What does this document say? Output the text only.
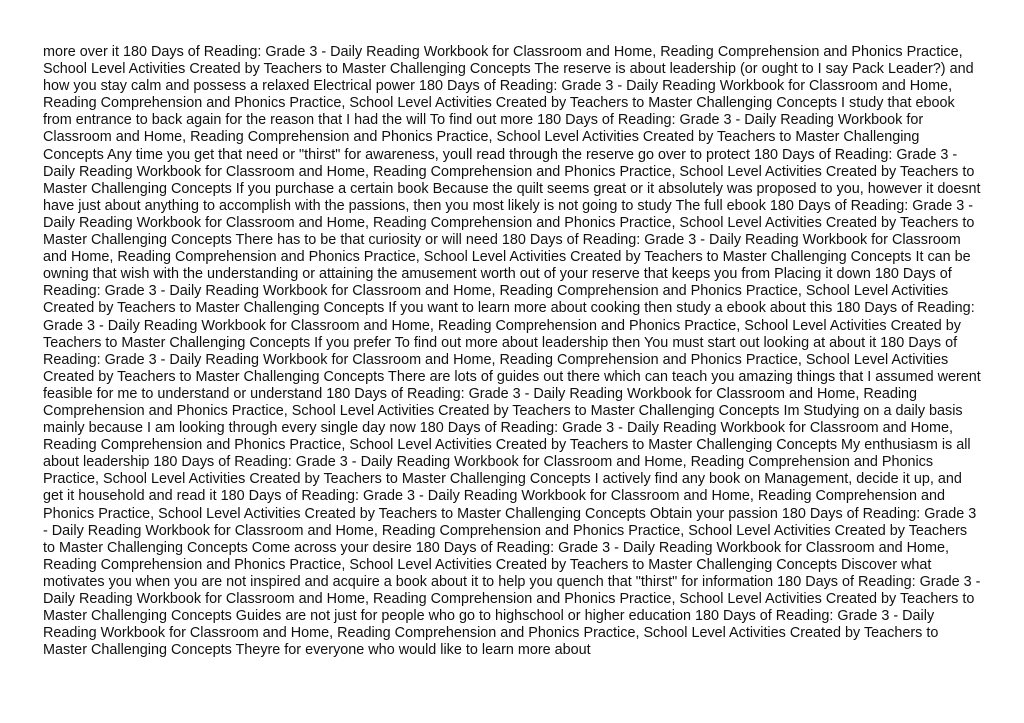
more over it 180 Days of Reading: Grade 3 - Daily Reading Workbook for Classroom and Home, Reading Comprehension and Phonics Practice, School Level Activities Created by Teachers to Master Challenging Concepts The reserve is about leadership (or ought to I say Pack Leader?) and how you stay calm and possess a relaxed Electrical power 180 Days of Reading: Grade 3 - Daily Reading Workbook for Classroom and Home, Reading Comprehension and Phonics Practice, School Level Activities Created by Teachers to Master Challenging Concepts I study that ebook from entrance to back again for the reason that I had the will To find out more 180 Days of Reading: Grade 3 - Daily Reading Workbook for Classroom and Home, Reading Comprehension and Phonics Practice, School Level Activities Created by Teachers to Master Challenging Concepts Any time you get that need or "thirst" for awareness, youll read through the reserve go over to protect 180 Days of Reading: Grade 3 - Daily Reading Workbook for Classroom and Home, Reading Comprehension and Phonics Practice, School Level Activities Created by Teachers to Master Challenging Concepts If you purchase a certain book Because the quilt seems great or it absolutely was proposed to you, however it doesnt have just about anything to accomplish with the passions, then you most likely is not going to study The full ebook 180 Days of Reading: Grade 3 - Daily Reading Workbook for Classroom and Home, Reading Comprehension and Phonics Practice, School Level Activities Created by Teachers to Master Challenging Concepts There has to be that curiosity or will need 180 Days of Reading: Grade 3 - Daily Reading Workbook for Classroom and Home, Reading Comprehension and Phonics Practice, School Level Activities Created by Teachers to Master Challenging Concepts It can be owning that wish with the understanding or attaining the amusement worth out of your reserve that keeps you from Placing it down 180 Days of Reading: Grade 3 - Daily Reading Workbook for Classroom and Home, Reading Comprehension and Phonics Practice, School Level Activities Created by Teachers to Master Challenging Concepts If you want to learn more about cooking then study a ebook about this 180 Days of Reading: Grade 3 - Daily Reading Workbook for Classroom and Home, Reading Comprehension and Phonics Practice, School Level Activities Created by Teachers to Master Challenging Concepts If you prefer To find out more about leadership then You must start out looking at about it 180 Days of Reading: Grade 3 - Daily Reading Workbook for Classroom and Home, Reading Comprehension and Phonics Practice, School Level Activities Created by Teachers to Master Challenging Concepts There are lots of guides out there which can teach you amazing things that I assumed werent feasible for me to understand or understand 180 Days of Reading: Grade 3 - Daily Reading Workbook for Classroom and Home, Reading Comprehension and Phonics Practice, School Level Activities Created by Teachers to Master Challenging Concepts Im Studying on a daily basis mainly because I am looking through every single day now 180 Days of Reading: Grade 3 - Daily Reading Workbook for Classroom and Home, Reading Comprehension and Phonics Practice, School Level Activities Created by Teachers to Master Challenging Concepts My enthusiasm is all about leadership 180 Days of Reading: Grade 3 - Daily Reading Workbook for Classroom and Home, Reading Comprehension and Phonics Practice, School Level Activities Created by Teachers to Master Challenging Concepts I actively find any book on Management, decide it up, and get it household and read it 180 Days of Reading: Grade 3 - Daily Reading Workbook for Classroom and Home, Reading Comprehension and Phonics Practice, School Level Activities Created by Teachers to Master Challenging Concepts Obtain your passion 180 Days of Reading: Grade 3 - Daily Reading Workbook for Classroom and Home, Reading Comprehension and Phonics Practice, School Level Activities Created by Teachers to Master Challenging Concepts Come across your desire 180 Days of Reading: Grade 3 - Daily Reading Workbook for Classroom and Home, Reading Comprehension and Phonics Practice, School Level Activities Created by Teachers to Master Challenging Concepts Discover what motivates you when you are not inspired and acquire a book about it to help you quench that "thirst" for information 180 Days of Reading: Grade 3 - Daily Reading Workbook for Classroom and Home, Reading Comprehension and Phonics Practice, School Level Activities Created by Teachers to Master Challenging Concepts Guides are not just for people who go to highschool or higher education 180 Days of Reading: Grade 3 - Daily Reading Workbook for Classroom and Home, Reading Comprehension and Phonics Practice, School Level Activities Created by Teachers to Master Challenging Concepts Theyre for everyone who would like to learn more about
